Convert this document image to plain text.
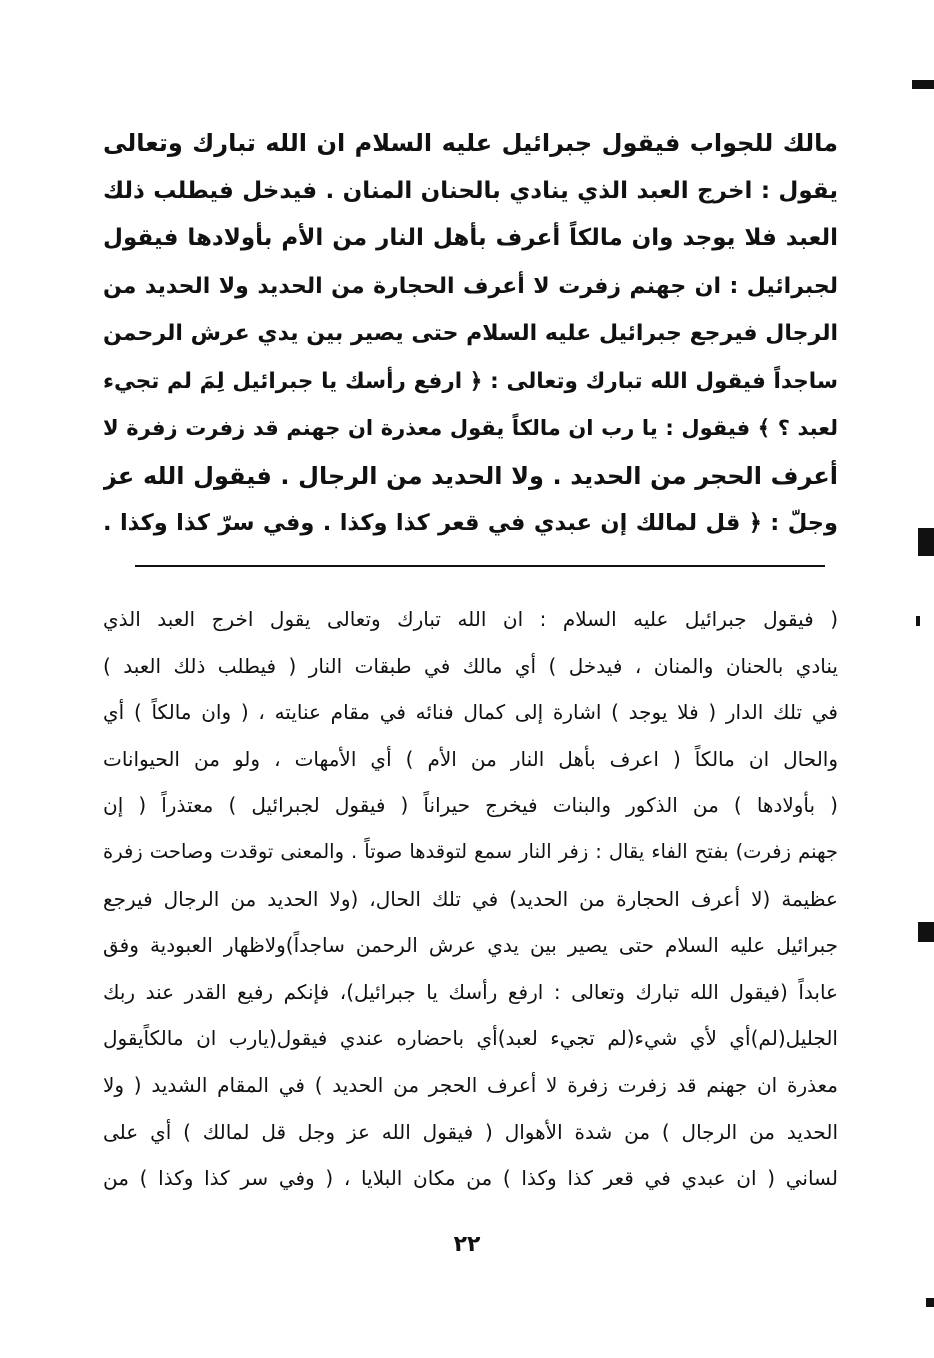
مالك للجواب فيقول جبرائيل عليه السلام ان الله تبارك وتعالى
يقول : اخرج العبد الذي ينادي بالحنان المنان . فيدخل فيطلب ذلك
العبد فلا يوجد وان مالكاً أعرف بأهل النار من الأم بأولادها فيقول
لجبرائيل : ان جهنم زفرت لا أعرف الحجارة من الحديد ولا الحديد من
الرجال فيرجع جبرائيل عليه السلام حتى يصير بين يدي عرش الرحمن
ساجداً فيقول الله تبارك وتعالى : ﴿ ارفع رأسك يا جبرائيل لِمَ لم تجيء
لعبد ؟ ﴾ فيقول : يا رب ان مالكاً يقول معذرة ان جهنم قد زفرت زفرة لا
أعرف الحجر من الحديد . ولا الحديد من الرجال . فيقول الله عز
وجلّ : ﴿ قل لمالك إن عبدي في قعر كذا وكذا . وفي سرّ كذا وكذا .
( فيقول جبرائيل عليه السلام : ان الله تبارك وتعالى يقول اخرج العبد الذي
ينادي بالحنان والمنان ، فيدخل ) أي مالك في طبقات النار ( فيطلب ذلك العبد )
في تلك الدار ( فلا يوجد ) اشارة إلى كمال فنائه في مقام عنايته ، ( وان مالكاً ) أي
والحال ان مالكاً ( اعرف بأهل النار من الأم ) أي الأمهات ، ولو من الحيوانات
( بأولادها ) من الذكور والبنات فيخرج حيراناً ( فيقول لجبرائيل ) معتذراً ( إن
جهنم زفرت) بفتح الفاء يقال : زفر النار سمع لتوقدها صوتاً . والمعنى توقدت وصاحت زفرة
عظيمة (لا أعرف الحجارة من الحديد) في تلك الحال، (ولا الحديد من الرجال فيرجع
جبرائيل عليه السلام حتى يصير بين يدي عرش الرحمن ساجداً)ولاظهار العبودية وفق
عابداً (فيقول الله تبارك وتعالى : ارفع رأسك يا جبرائيل)، فإنكم رفيع القدر عند ربك
الجليل(لم)أي لأي شيء(لم تجيء لعبد)أي باحضاره عندي فيقول(يارب ان مالكاًيقول
معذرة ان جهنم قد زفرت زفرة لا أعرف الحجر من الحديد ) في المقام الشديد ( ولا
الحديد من الرجال ) من شدة الأهوال ( فيقول الله عز وجل قل لمالك ) أي على
لساني ( ان عبدي في قعر كذا وكذا ) من مكان البلايا ، ( وفي سر كذا وكذا ) من
٢٢
